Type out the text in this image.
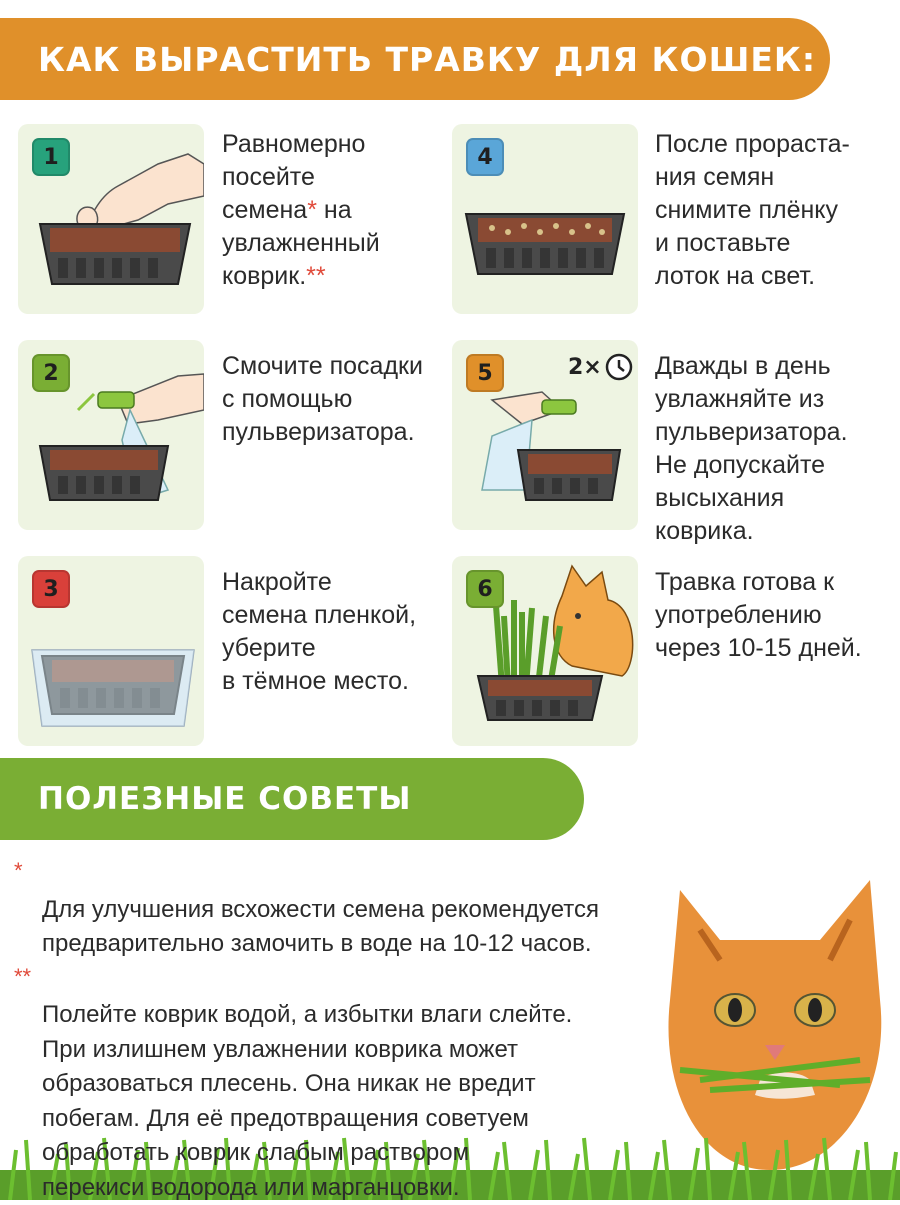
КАК ВЫРАСТИТЬ ТРАВКУ ДЛЯ КОШЕК:
1	Равномерно
посейте
семена* на
увлажненный
коврик.**
2	Смочите посадки
с помощью
пульверизатора.
3	Накройте
семена пленкой,
уберите
в тёмное место.
4	После прораста-
ния семян
снимите плёнку
и поставьте
лоток на свет.
5	2× Дважды в день
увлажняйте из
пульверизатора.
Не допускайте
высыхания
коврика.
6	Травка готова к
употреблению
через 10-15 дней.
ПОЛЕЗНЫЕ СОВЕТЫ

*
Для улучшения всхожести семена рекомендуется
предварительно замочить в воде на 10-12 часов.

**
Полейте коврик водой, а избытки влаги слейте.
При излишнем увлажнении коврика может
образоваться плесень. Она никак не вредит
побегам. Для её предотвращения советуем
обработать коврик слабым раствором
перекиси водорода или марганцовки.
